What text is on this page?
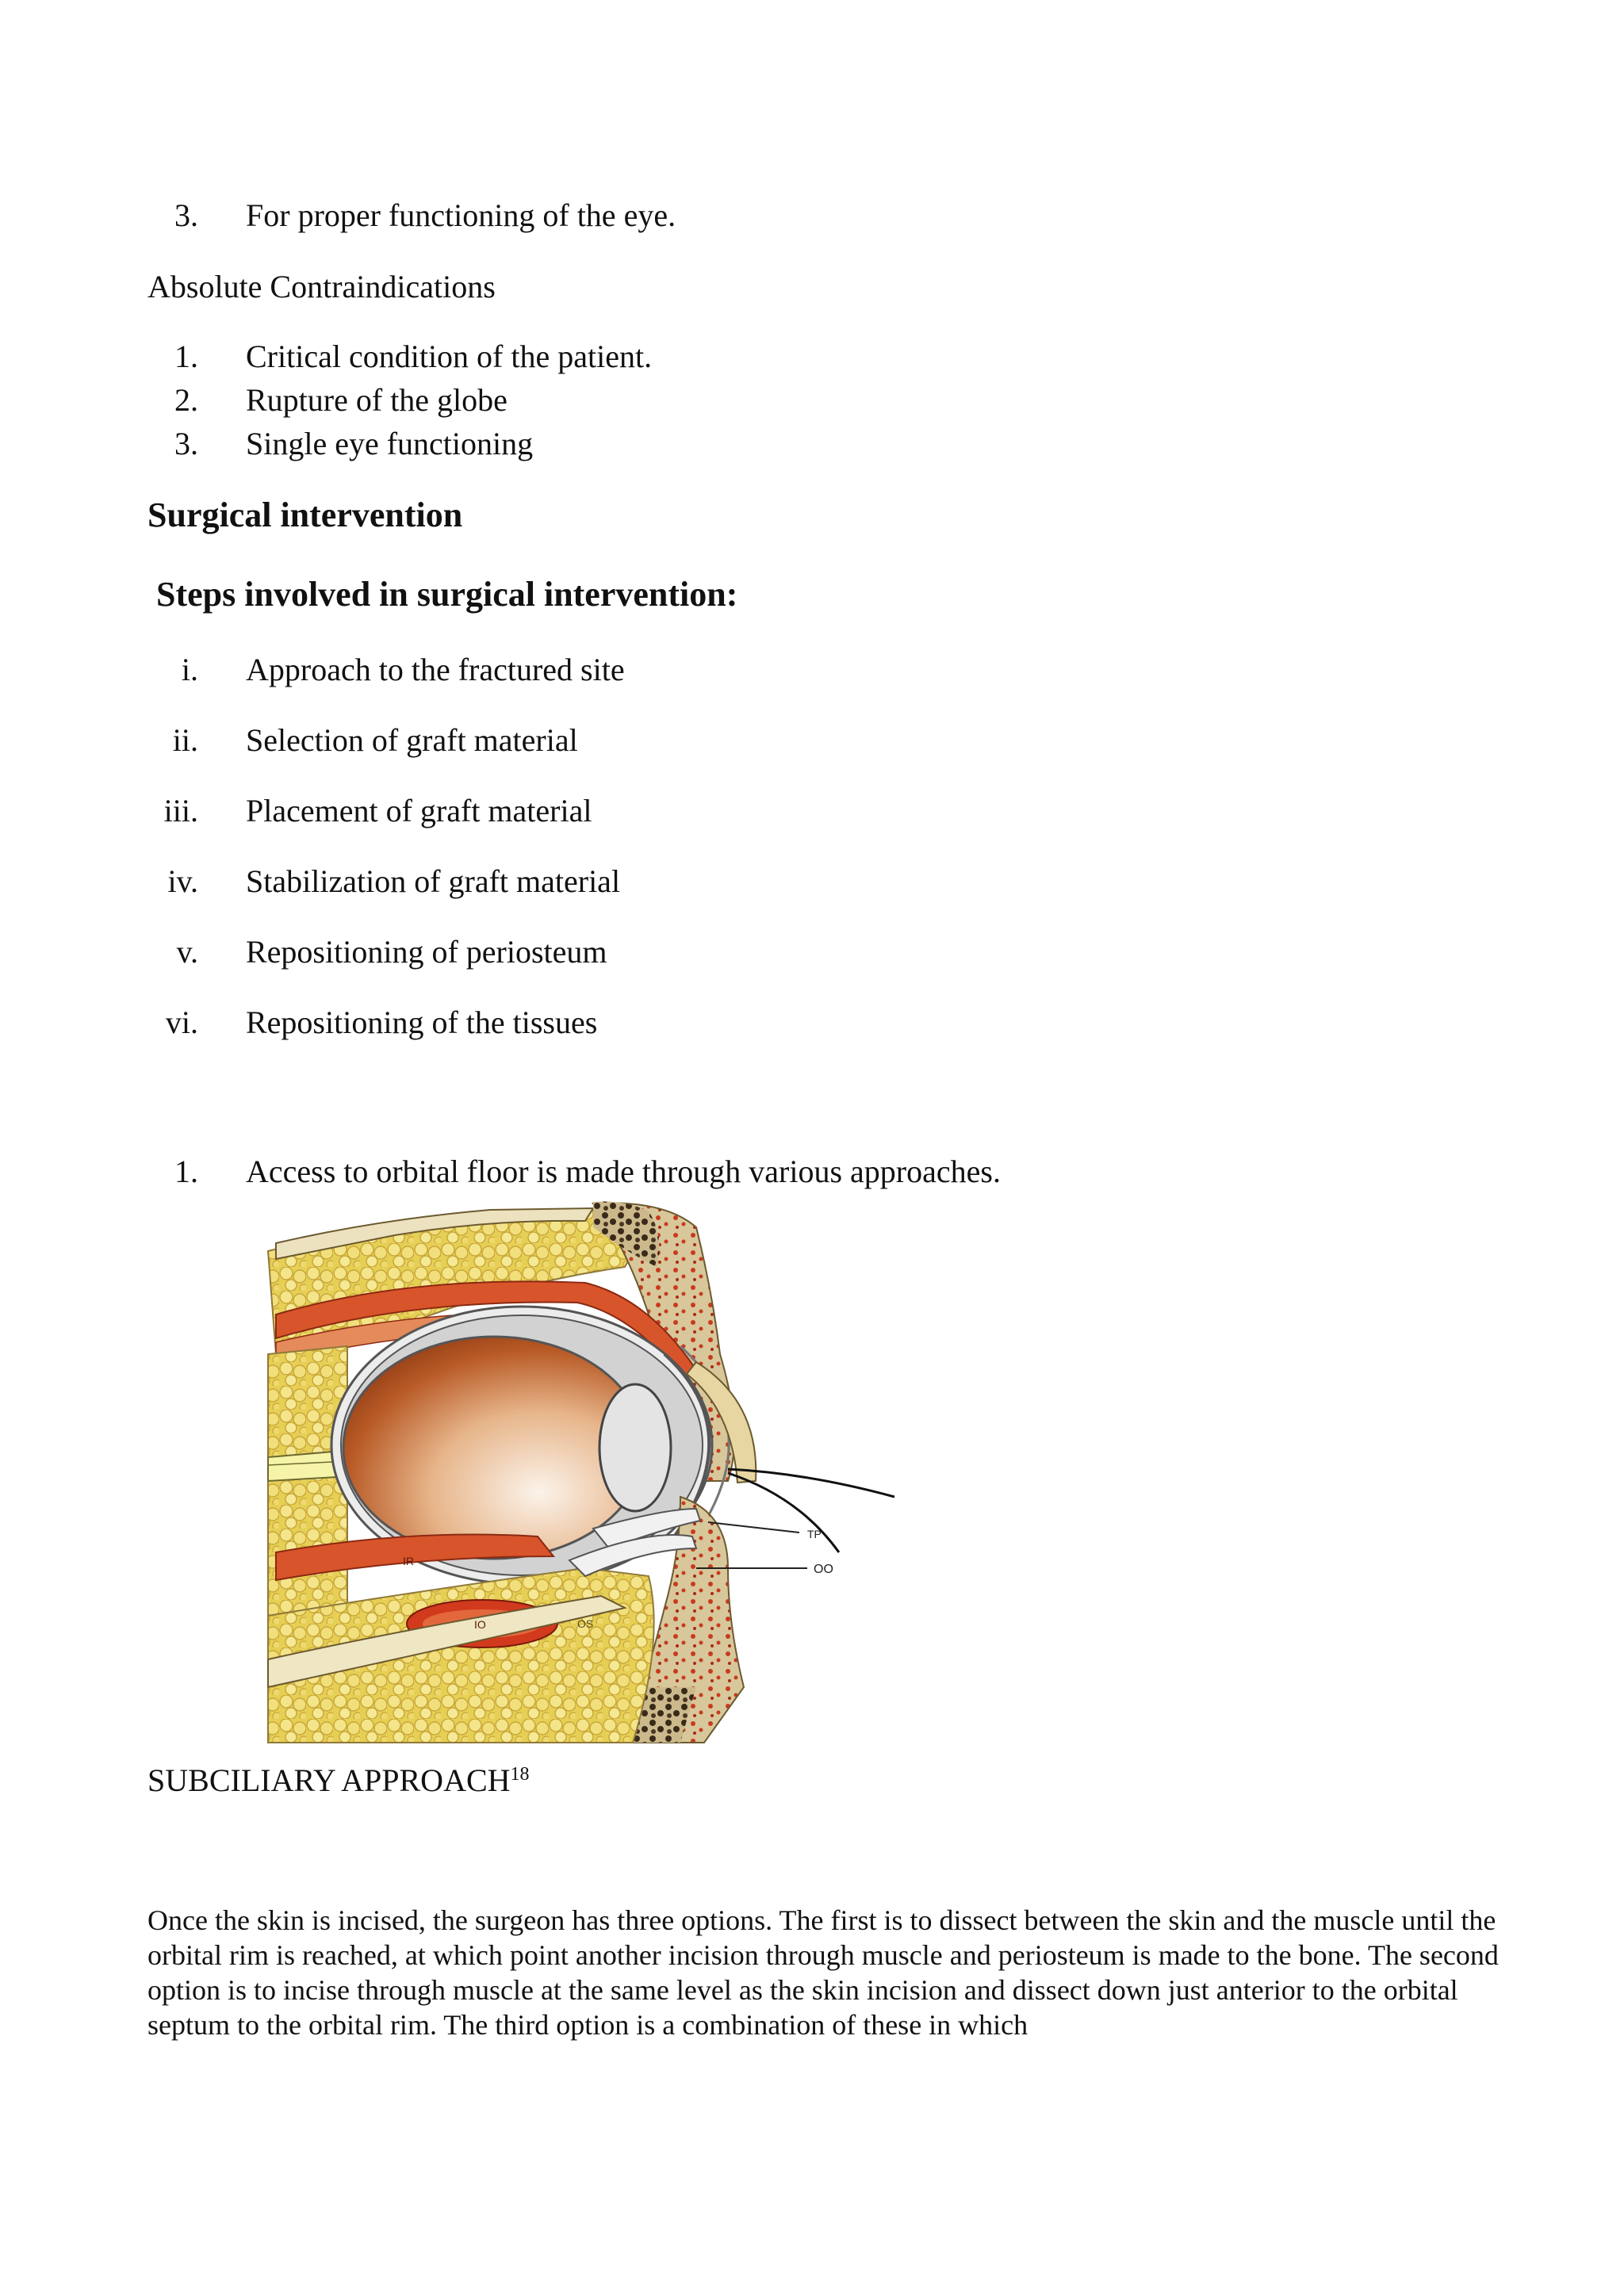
3. For proper functioning of the eye.
Absolute Contraindications
1. Critical condition of the patient.
2. Rupture of the globe
3. Single eye functioning
Surgical intervention
Steps involved in surgical intervention:
i. Approach to the fractured site
ii. Selection of graft material
iii. Placement of graft material
iv. Stabilization of graft material
v. Repositioning of periosteum
vi. Repositioning of the tissues
1. Access to orbital floor is made through various approaches.
TP
OO
IR
IO	OS
SUBCILIARY APPROACH$^{18}$
Once the skin is incised, the surgeon has three options. The first is to dissect between the skin and the muscle until the orbital rim is reached, at which point another incision through muscle and periosteum is made to the bone. The second option is to incise through muscle at the same level as the skin incision and dissect down just anterior to the orbital septum to the orbital rim. The third option is a combination of these in which
